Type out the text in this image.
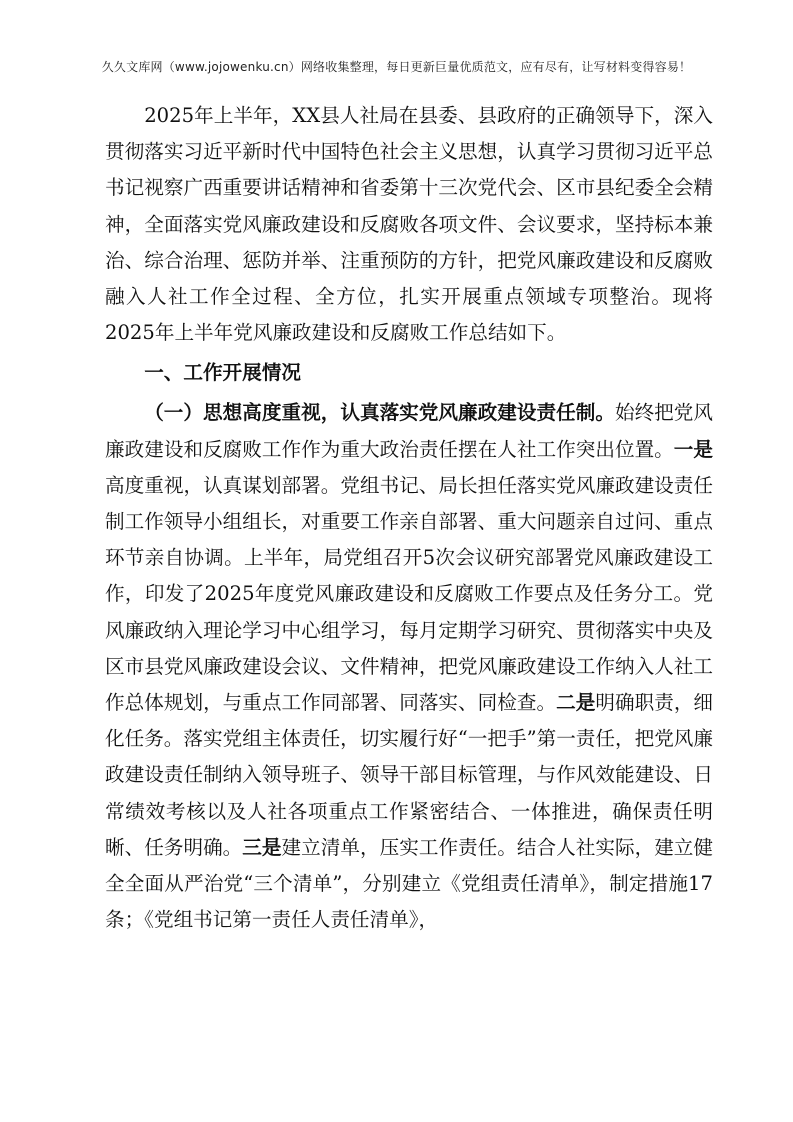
久久文库网（www.jojowenku.cn）网络收集整理，每日更新巨量优质范文，应有尽有，让写材料变得容易！

2025年上半年，XX县人社局在县委、县政府的正确领导下，深入贯彻落实习近平新时代中国特色社会主义思想，认真学习贯彻习近平总书记视察广西重要讲话精神和省委第十三次党代会、区市县纪委全会精神，全面落实党风廉政建设和反腐败各项文件、会议要求，坚持标本兼治、综合治理、惩防并举、注重预防的方针，把党风廉政建设和反腐败融入人社工作全过程、全方位，扎实开展重点领域专项整治。现将2025年上半年党风廉政建设和反腐败工作总结如下。

一、工作开展情况

（一）思想高度重视，认真落实党风廉政建设责任制。始终把党风廉政建设和反腐败工作作为重大政治责任摆在人社工作突出位置。一是高度重视，认真谋划部署。党组书记、局长担任落实党风廉政建设责任制工作领导小组组长，对重要工作亲自部署、重大问题亲自过问、重点环节亲自协调。上半年，局党组召开5次会议研究部署党风廉政建设工作，印发了2025年度党风廉政建设和反腐败工作要点及任务分工。党风廉政纳入理论学习中心组学习，每月定期学习研究、贯彻落实中央及区市县党风廉政建设会议、文件精神，把党风廉政建设工作纳入人社工作总体规划，与重点工作同部署、同落实、同检查。二是明确职责，细化任务。落实党组主体责任，切实履行好“一把手”第一责任，把党风廉政建设责任制纳入领导班子、领导干部目标管理，与作风效能建设、日常绩效考核以及人社各项重点工作紧密结合、一体推进，确保责任明晰、任务明确。三是建立清单，压实工作责任。结合人社实际，建立健全全面从严治党“三个清单”，分别建立《党组责任清单》，制定措施17条；《党组书记第一责任人责任清单》，
